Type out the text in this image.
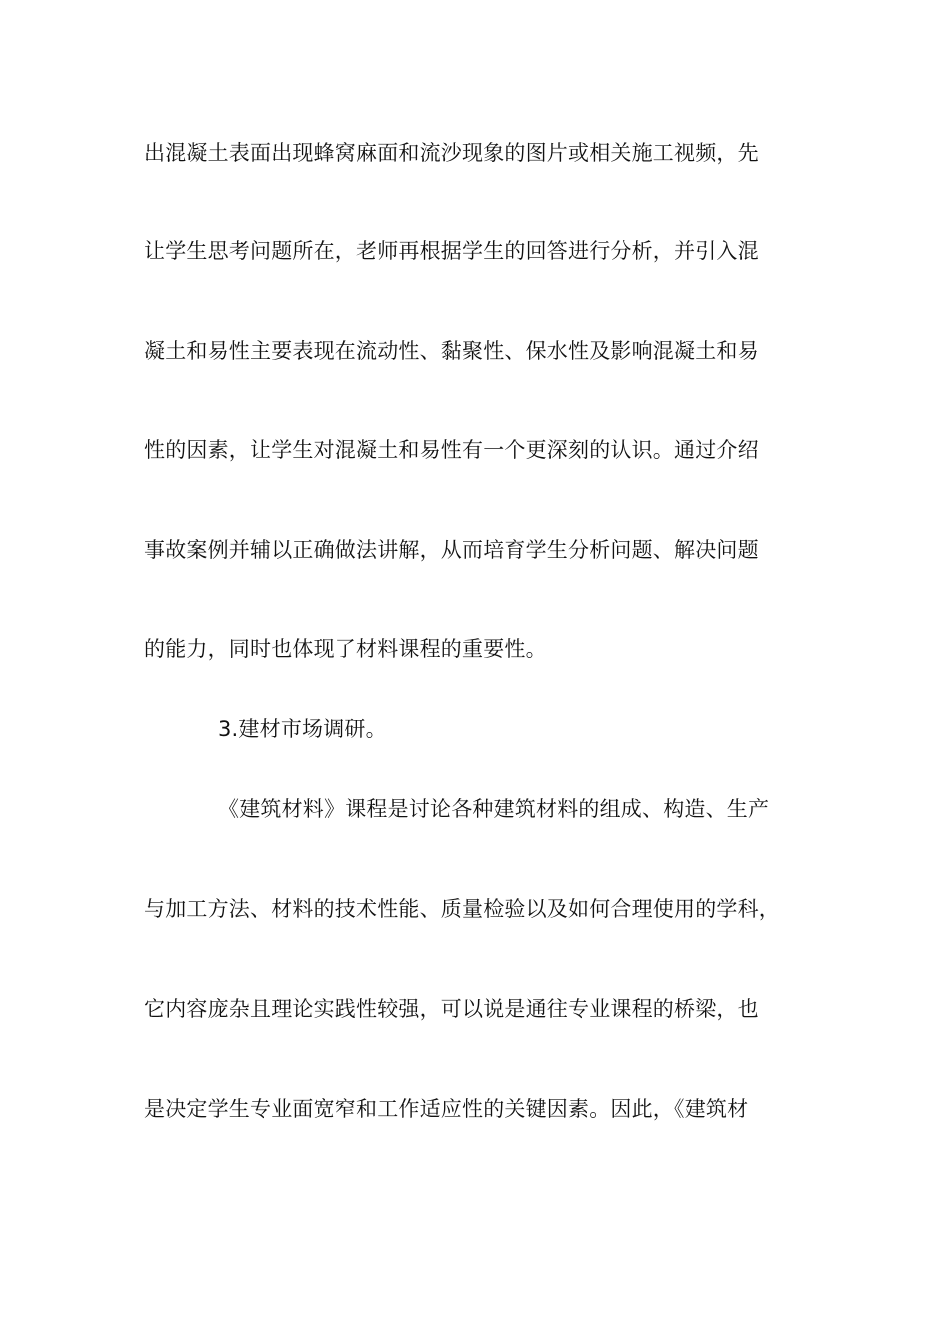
出混凝土表面出现蜂窝麻面和流沙现象的图片或相关施工视频，先
让学生思考问题所在，老师再根据学生的回答进行分析，并引入混
凝土和易性主要表现在流动性、黏聚性、保水性及影响混凝土和易
性的因素，让学生对混凝土和易性有一个更深刻的认识。通过介绍
事故案例并辅以正确做法讲解，从而培育学生分析问题、解决问题
的能力，同时也体现了材料课程的重要性。
3.建材市场调研。
《建筑材料》课程是讨论各种建筑材料的组成、构造、生产
与加工方法、材料的技术性能、质量检验以及如何合理使用的学科，
它内容庞杂且理论实践性较强，可以说是通往专业课程的桥梁，也
是决定学生专业面宽窄和工作适应性的关键因素。因此，《建筑材
